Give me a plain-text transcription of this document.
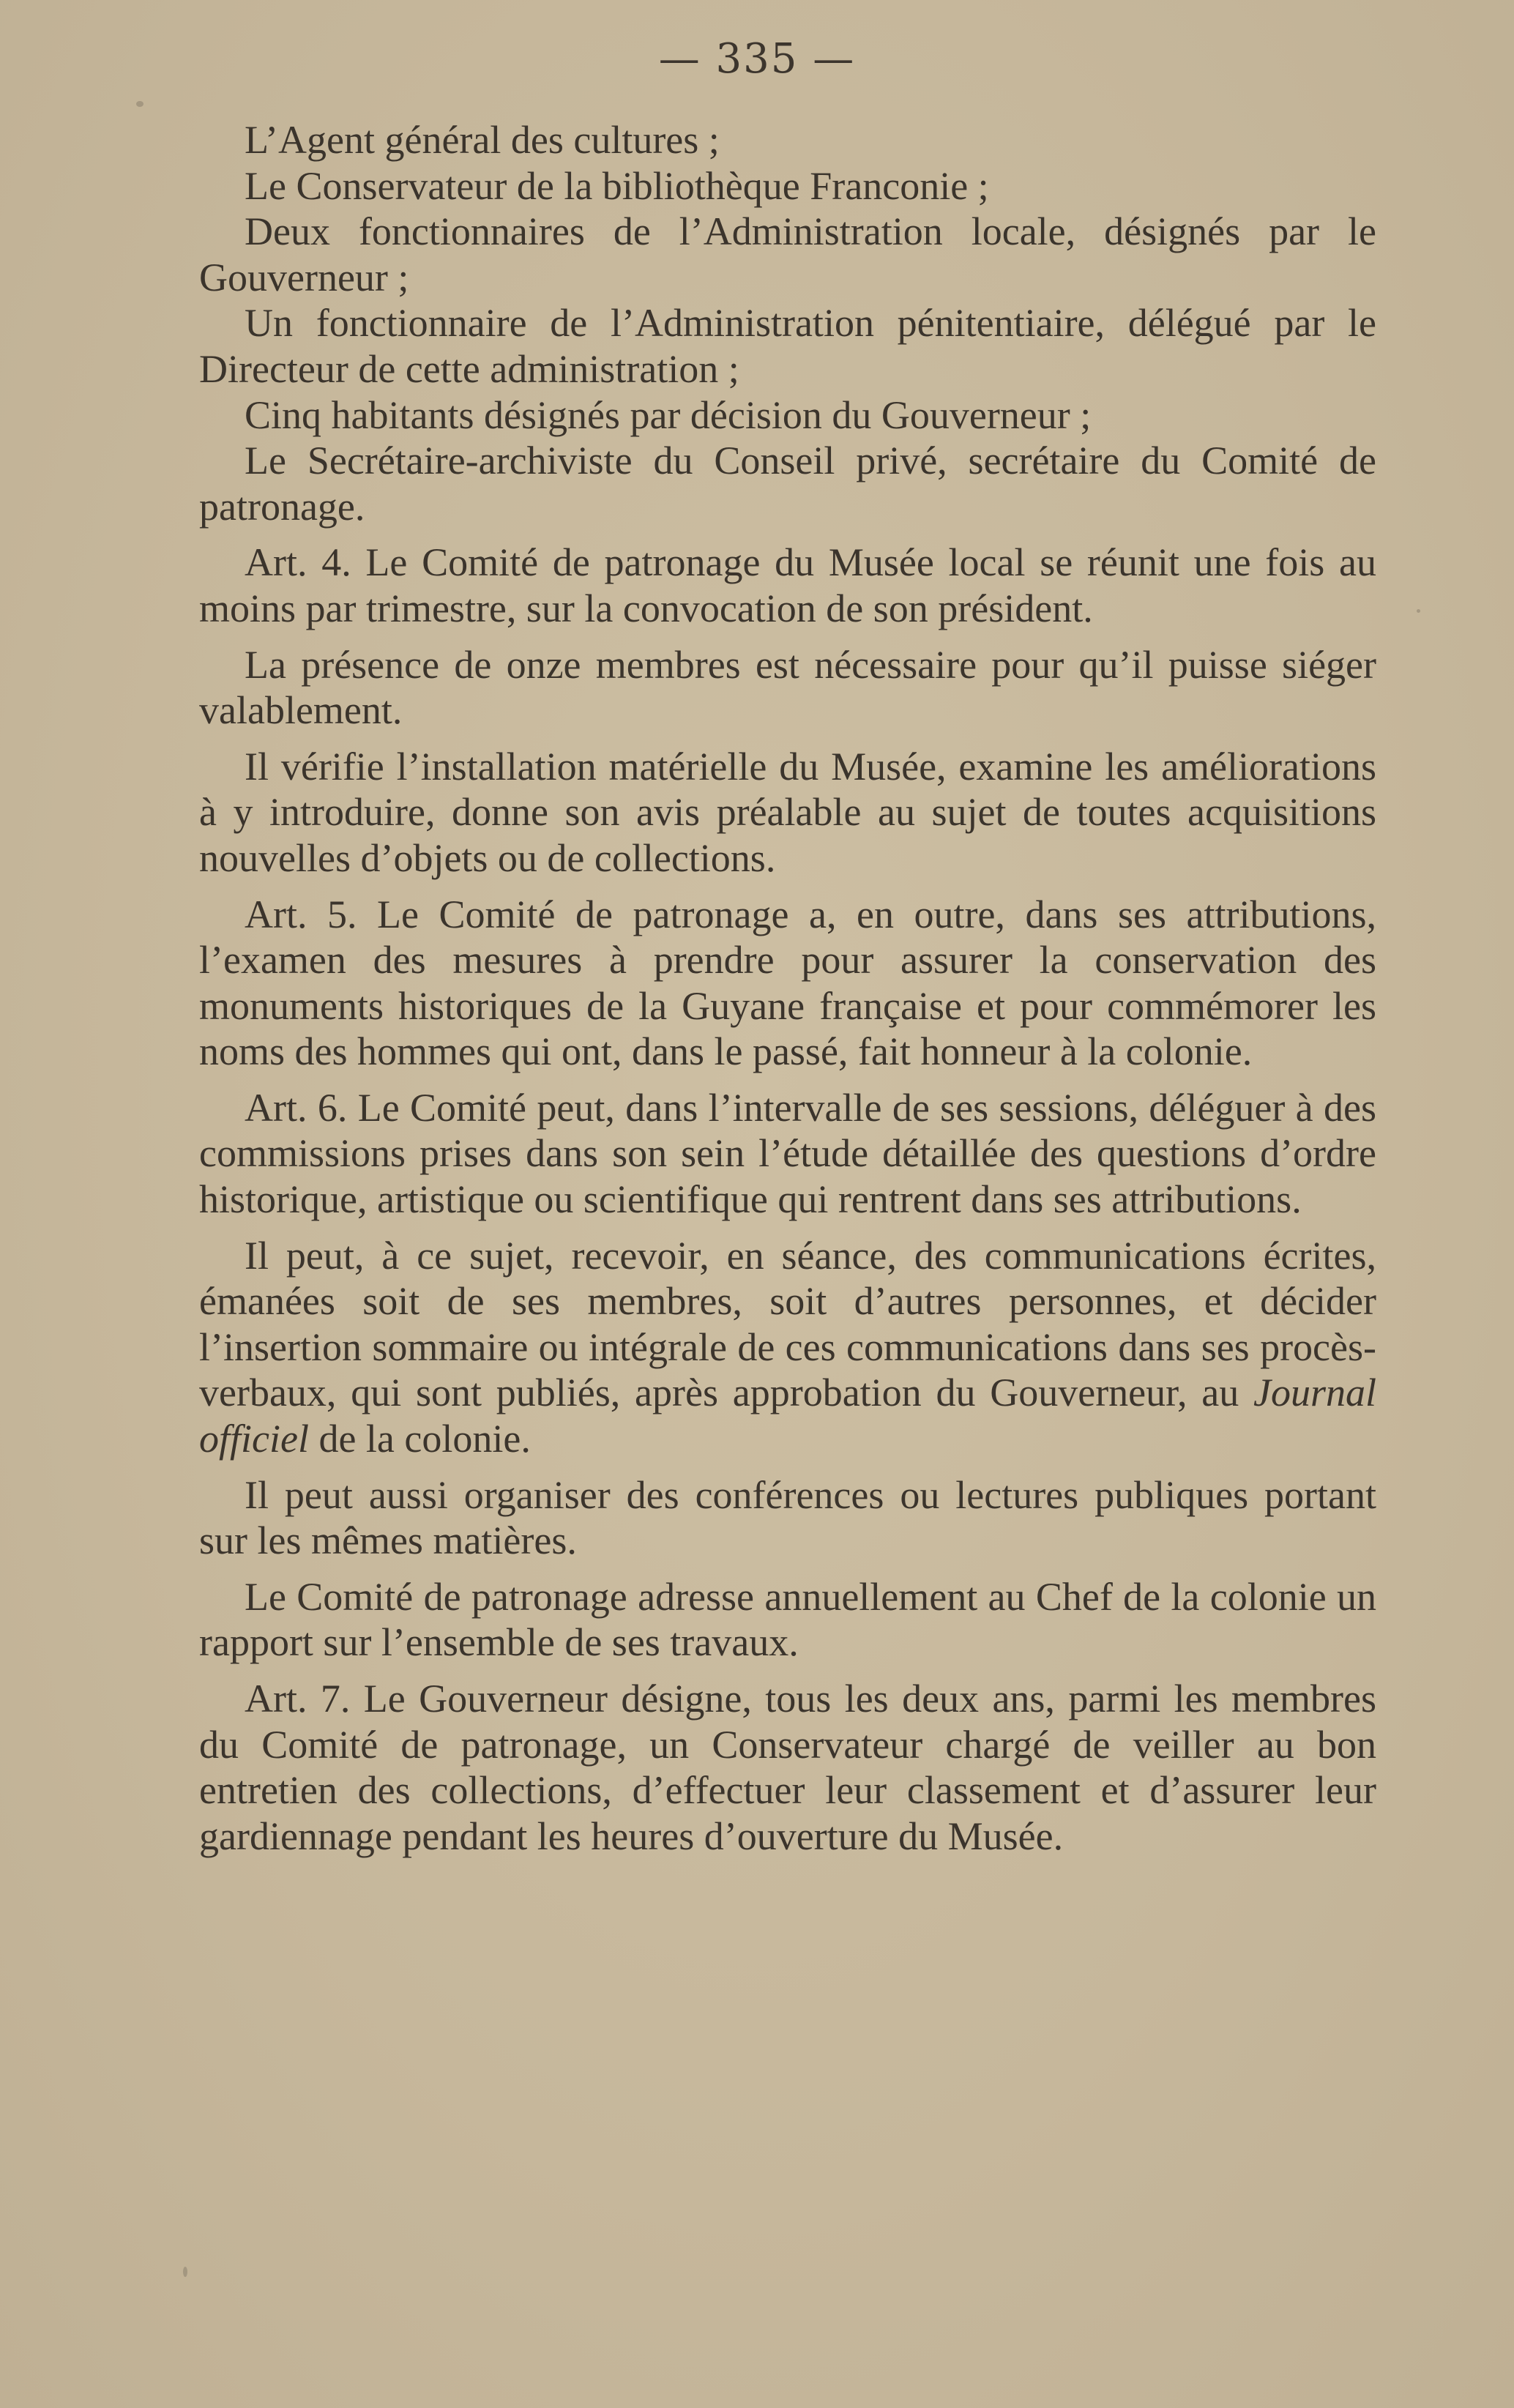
— 335 —

L’Agent général des cultures ;

Le Conservateur de la bibliothèque Franconie ;

Deux fonctionnaires de l’Administration locale, désignés par le Gouverneur ;

Un fonctionnaire de l’Administration pénitentiaire, délégué par le Directeur de cette administration ;

Cinq habitants désignés par décision du Gouverneur ;

Le Secrétaire-archiviste du Conseil privé, secrétaire du Comité de patronage.

Art. 4. Le Comité de patronage du Musée local se réunit une fois au moins par trimestre, sur la convocation de son président.

La présence de onze membres est nécessaire pour qu’il puisse siéger valablement.

Il vérifie l’installation matérielle du Musée, examine les améliorations à y introduire, donne son avis préalable au sujet de toutes acquisitions nouvelles d’objets ou de collections.

Art. 5. Le Comité de patronage a, en outre, dans ses attributions, l’examen des mesures à prendre pour assurer la conservation des monuments historiques de la Guyane française et pour commémorer les noms des hommes qui ont, dans le passé, fait honneur à la colonie.

Art. 6. Le Comité peut, dans l’intervalle de ses sessions, déléguer à des commissions prises dans son sein l’étude détaillée des questions d’ordre historique, artistique ou scientifique qui rentrent dans ses attributions.

Il peut, à ce sujet, recevoir, en séance, des communications écrites, émanées soit de ses membres, soit d’autres personnes, et décider l’insertion sommaire ou intégrale de ces communications dans ses procès-verbaux, qui sont publiés, après approbation du Gouverneur, au Journal officiel de la colonie.

Il peut aussi organiser des conférences ou lectures publiques portant sur les mêmes matières.

Le Comité de patronage adresse annuellement au Chef de la colonie un rapport sur l’ensemble de ses travaux.

Art. 7. Le Gouverneur désigne, tous les deux ans, parmi les membres du Comité de patronage, un Conservateur chargé de veiller au bon entretien des collections, d’effectuer leur classement et d’assurer leur gardiennage pendant les heures d’ouverture du Musée.
